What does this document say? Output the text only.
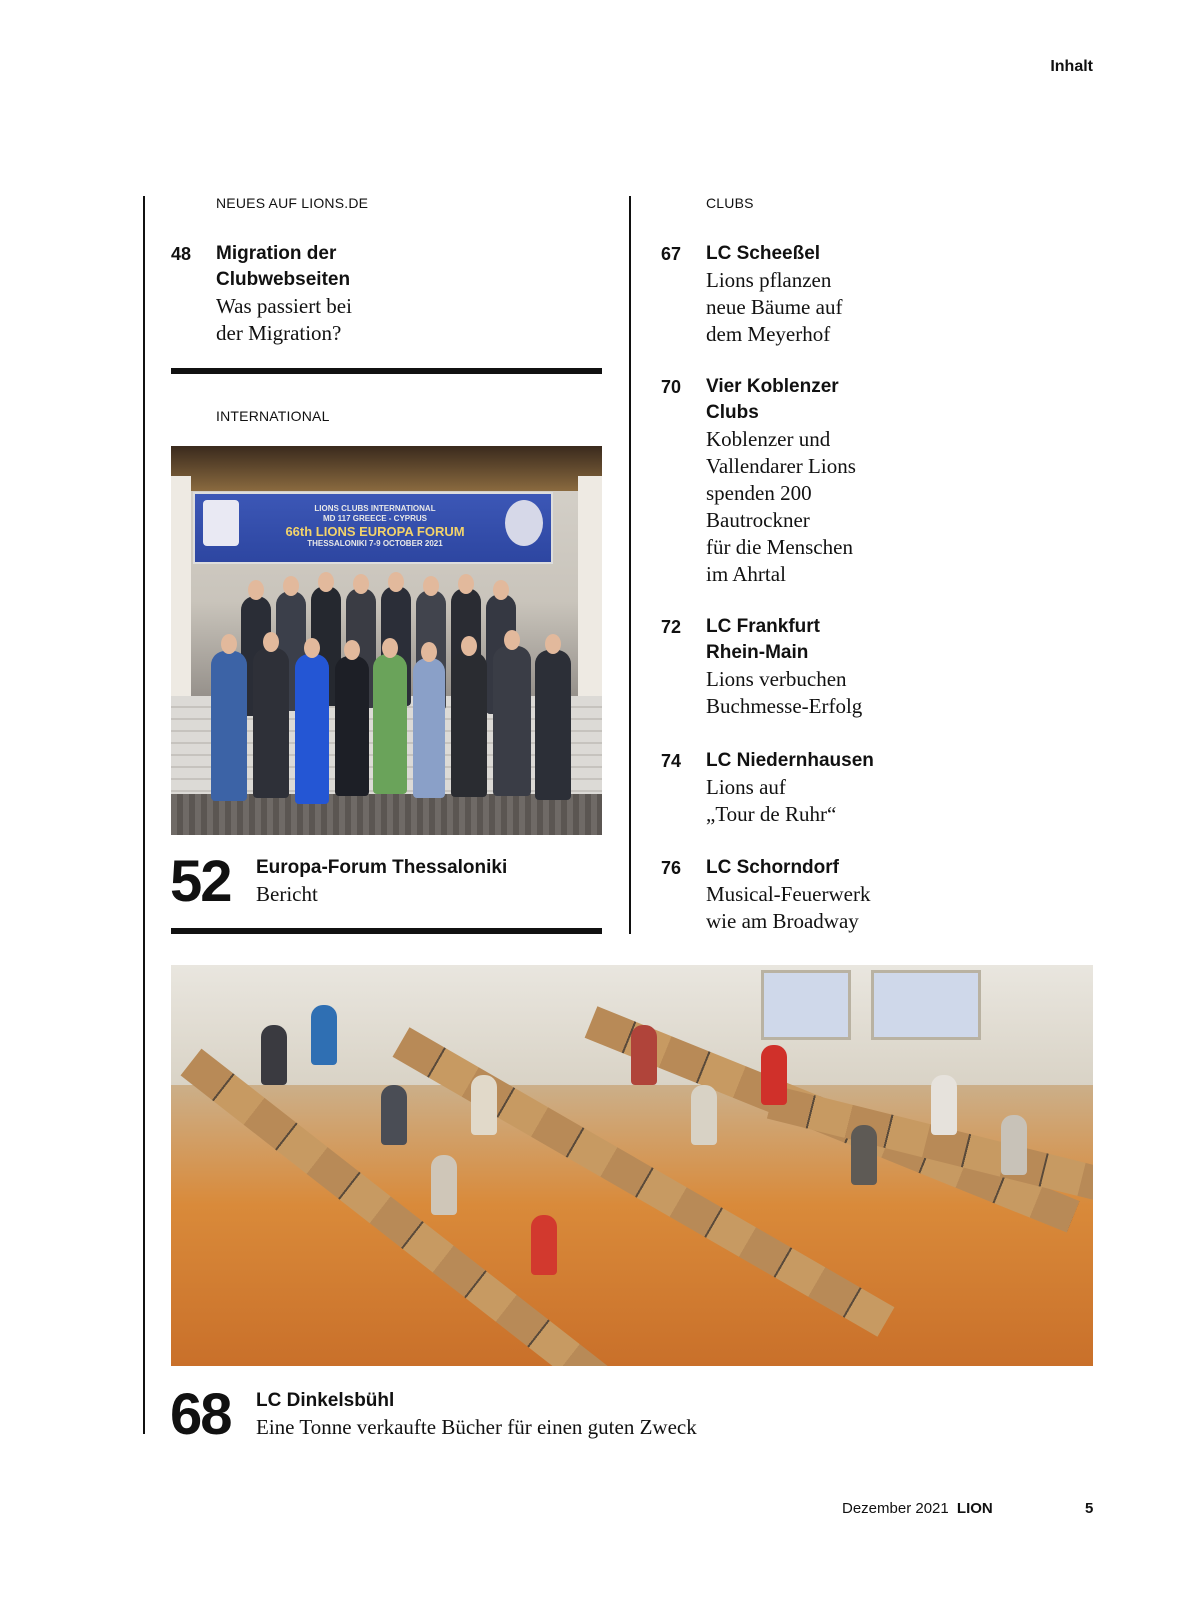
Inhalt
NEUES AUF LIONS.DE
48 Migration der
Clubwebseiten
Was passiert bei
der Migration?
INTERNATIONAL
LIONS CLUBS INTERNATIONAL
MD 117 GREECE - CYPRUS
66th LIONS EUROPA FORUM
THESSALONIKI 7-9 OCTOBER 2021
52 Europa-Forum Thessaloniki
Bericht
CLUBS
67 LC Scheeßel
Lions pflanzen
neue Bäume auf
dem Meyerhof
70 Vier Koblenzer
Clubs
Koblenzer und
Vallendarer Lions
spenden 200
Bautrockner
für die Menschen
im Ahrtal
72 LC Frankfurt
Rhein-Main
Lions verbuchen
Buchmesse-Erfolg
74 LC Niedernhausen
Lions auf
„Tour de Ruhr“
76 LC Schorndorf
Musical-Feuerwerk
wie am Broadway
68 LC Dinkelsbühl
Eine Tonne verkaufte Bücher für einen guten Zweck
Dezember 2021 LION	5
